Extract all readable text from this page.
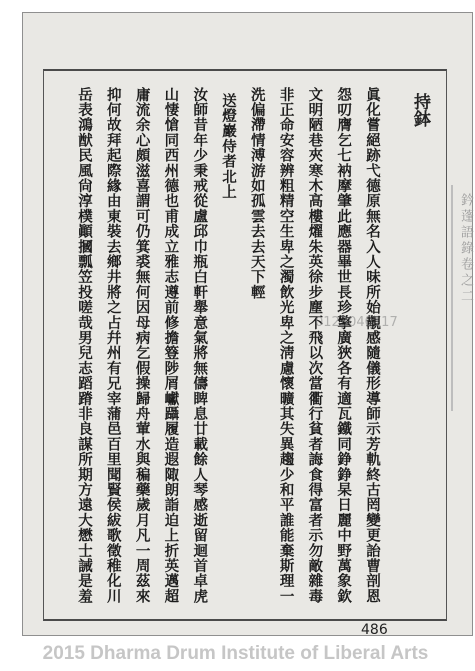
持鉢
眞化嘗絕跡弋德原無名入人味所始覯感隨儀形導師示芳軌終古罔變更詒曹剖恩
怨叨膺乞七衲摩肇此應器畢世長珍擎廣狹各有適瓦鐵同錚錚杲日麗中野萬象欽
文明陋巷夾寒木高樓燿朱英徐步塵不飛以次當衢行貧者誨食得富者示勿敵雜毒
非正命安容辨粗精空生卑之濁飲光卑之淸慮懷曠其失異趨少和平誰能棄斯理一
洗偏滯情溥游如孤雲去去天下輕
送燈巖侍者北上
汝師昔年少秉戒從盧邱巾瓶白軒舉意氣將無儔睥息廿載餘人琴感逝留迴首卓虎
山悽愴同西州德也甫成立雅志遵前修擔簦陟屑巘躡履造遐陬朗詣迫上折英邁超
庸流余心頗滋喜謂可仍箕裘無何因母病乞假操歸舟葷水與稨藥歲月凡一周茲來
抑何故拜起際緣由東裝去鄉井將之占幷州有兄宰蒲邑百里聞賢侯紱歌徵稚化川
岳表鴻猷民風尙淳樸顚摑瓢笠投嗟哉男兒志蹈蹐非良謀所期方遠大懋士誡是羞	鈐蓬語錄卷之二
0123040117
486
2015 Dharma Drum Institute of Liberal Arts
